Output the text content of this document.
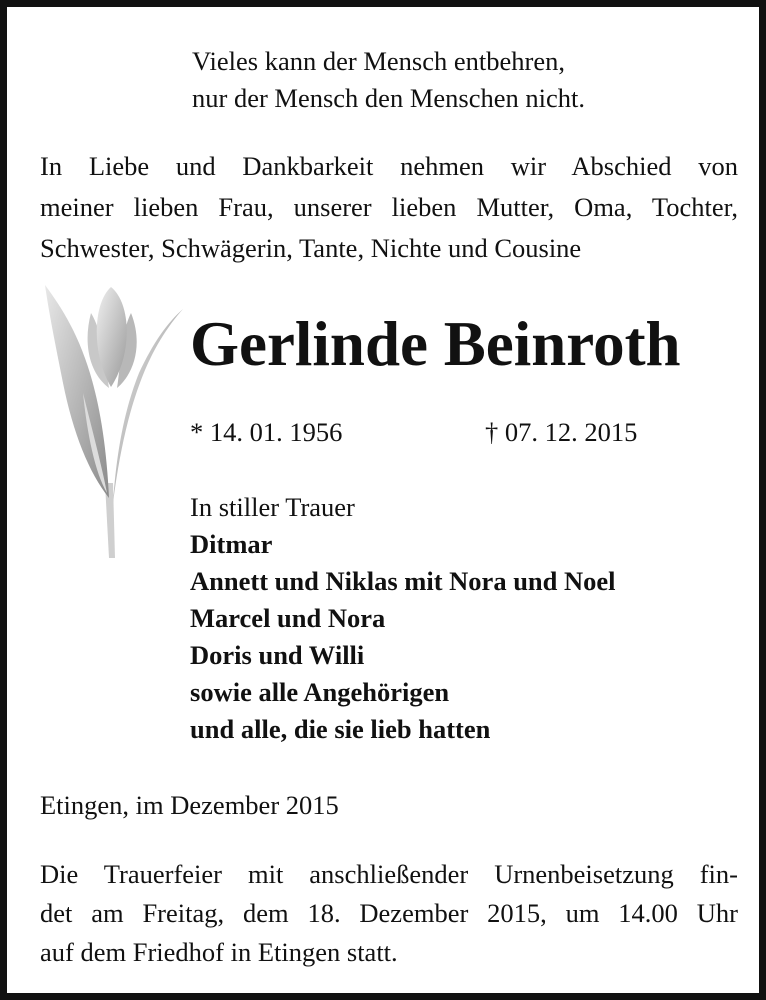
Vieles kann der Mensch entbehren,
nur der Mensch den Menschen nicht.
In Liebe und Dankbarkeit nehmen wir Abschied von
meiner lieben Frau, unserer lieben Mutter, Oma, Tochter,
Schwester, Schwägerin, Tante, Nichte und Cousine
Gerlinde Beinroth
* 14. 01. 1956	† 07. 12. 2015
In stiller Trauer
Ditmar
Annett und Niklas mit Nora und Noel
Marcel und Nora
Doris und Willi
sowie alle Angehörigen
und alle, die sie lieb hatten
Etingen, im Dezember 2015
Die Trauerfeier mit anschließender Urnenbeisetzung fin-
det am Freitag, dem 18. Dezember 2015, um 14.00 Uhr
auf dem Friedhof in Etingen statt.
